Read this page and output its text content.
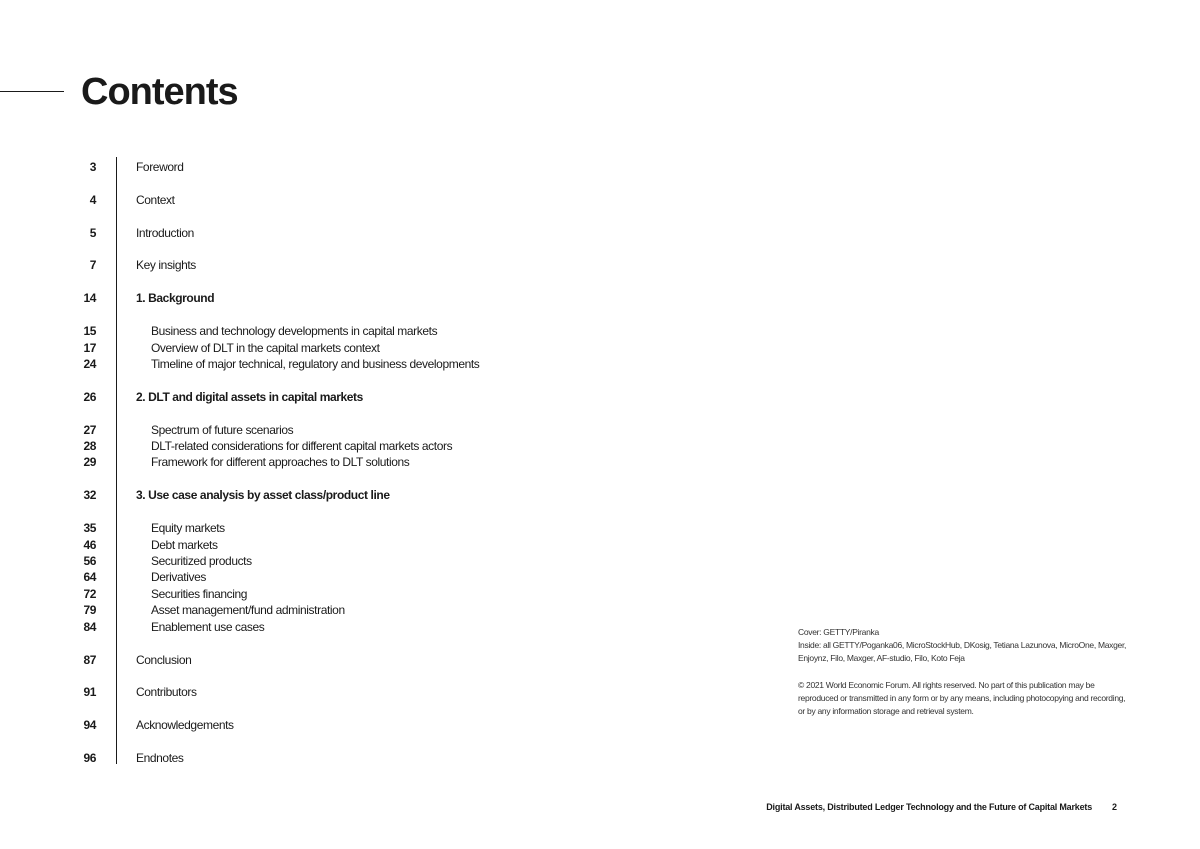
Contents
3	Foreword
4	Context
5	Introduction
7	Key insights
14	1. Background
15	Business and technology developments in capital markets
17	Overview of DLT in the capital markets context
24	Timeline of major technical, regulatory and business developments
26	2. DLT and digital assets in capital markets
27	Spectrum of future scenarios
28	DLT-related considerations for different capital markets actors
29	Framework for different approaches to DLT solutions
32	3. Use case analysis by asset class/product line
35	Equity markets
46	Debt markets
56	Securitized products
64	Derivatives
72	Securities financing
79	Asset management/fund administration
84	Enablement use cases
87	Conclusion
91	Contributors
94	Acknowledgements
96	Endnotes

Cover: GETTY/Piranka

Inside: all GETTY/Poganka06, MicroStockHub, DKosig, Tetiana Lazunova, MicroOne, Maxger, Enjoynz, Filo, Maxger, AF-studio, Filo, Koto Feja

© 2021 World Economic Forum. All rights reserved. No part of this publication may be reproduced or transmitted in any form or by any means, including photocopying and recording, or by any information storage and retrieval system.

Digital Assets, Distributed Ledger Technology and the Future of Capital Markets 2
